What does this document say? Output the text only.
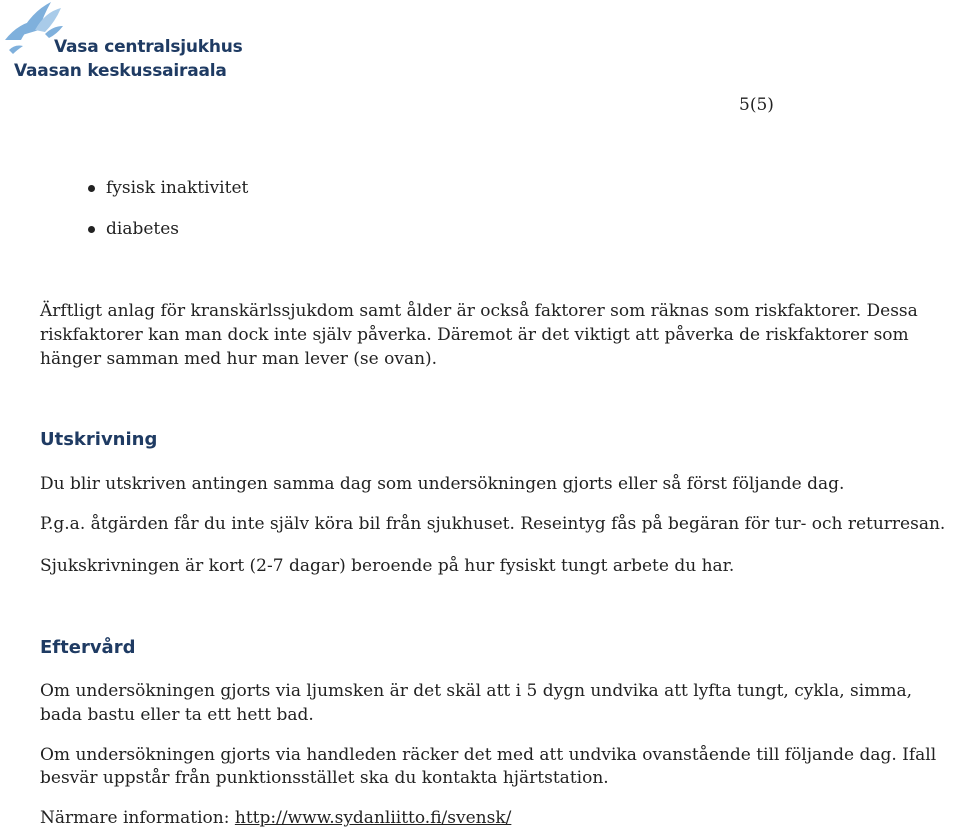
Vasa centralsjukhus
Vaasan keskussairaala
5(5)
fysisk inaktivitet
diabetes

Ärftligt anlag för kranskärlssjukdom samt ålder är också faktorer som räknas som riskfaktorer. Dessa

riskfaktorer kan man dock inte själv påverka. Däremot är det viktigt att påverka de riskfaktorer som

hänger samman med hur man lever (se ovan).

Utskrivning

Du blir utskriven antingen samma dag som undersökningen gjorts eller så först följande dag.

P.g.a. åtgärden får du inte själv köra bil från sjukhuset. Reseintyg fås på begäran för tur- och returresan.

Sjukskrivningen är kort (2-7 dagar) beroende på hur fysiskt tungt arbete du har.

Eftervård

Om undersökningen gjorts via ljumsken är det skäl att i 5 dygn undvika att lyfta tungt, cykla, simma,

bada bastu eller ta ett hett bad.

Om undersökningen gjorts via handleden räcker det med att undvika ovanstående till följande dag. Ifall

besvär uppstår från punktionsstället ska du kontakta hjärtstation.

Närmare information: http://www.sydanliitto.fi/svensk/
